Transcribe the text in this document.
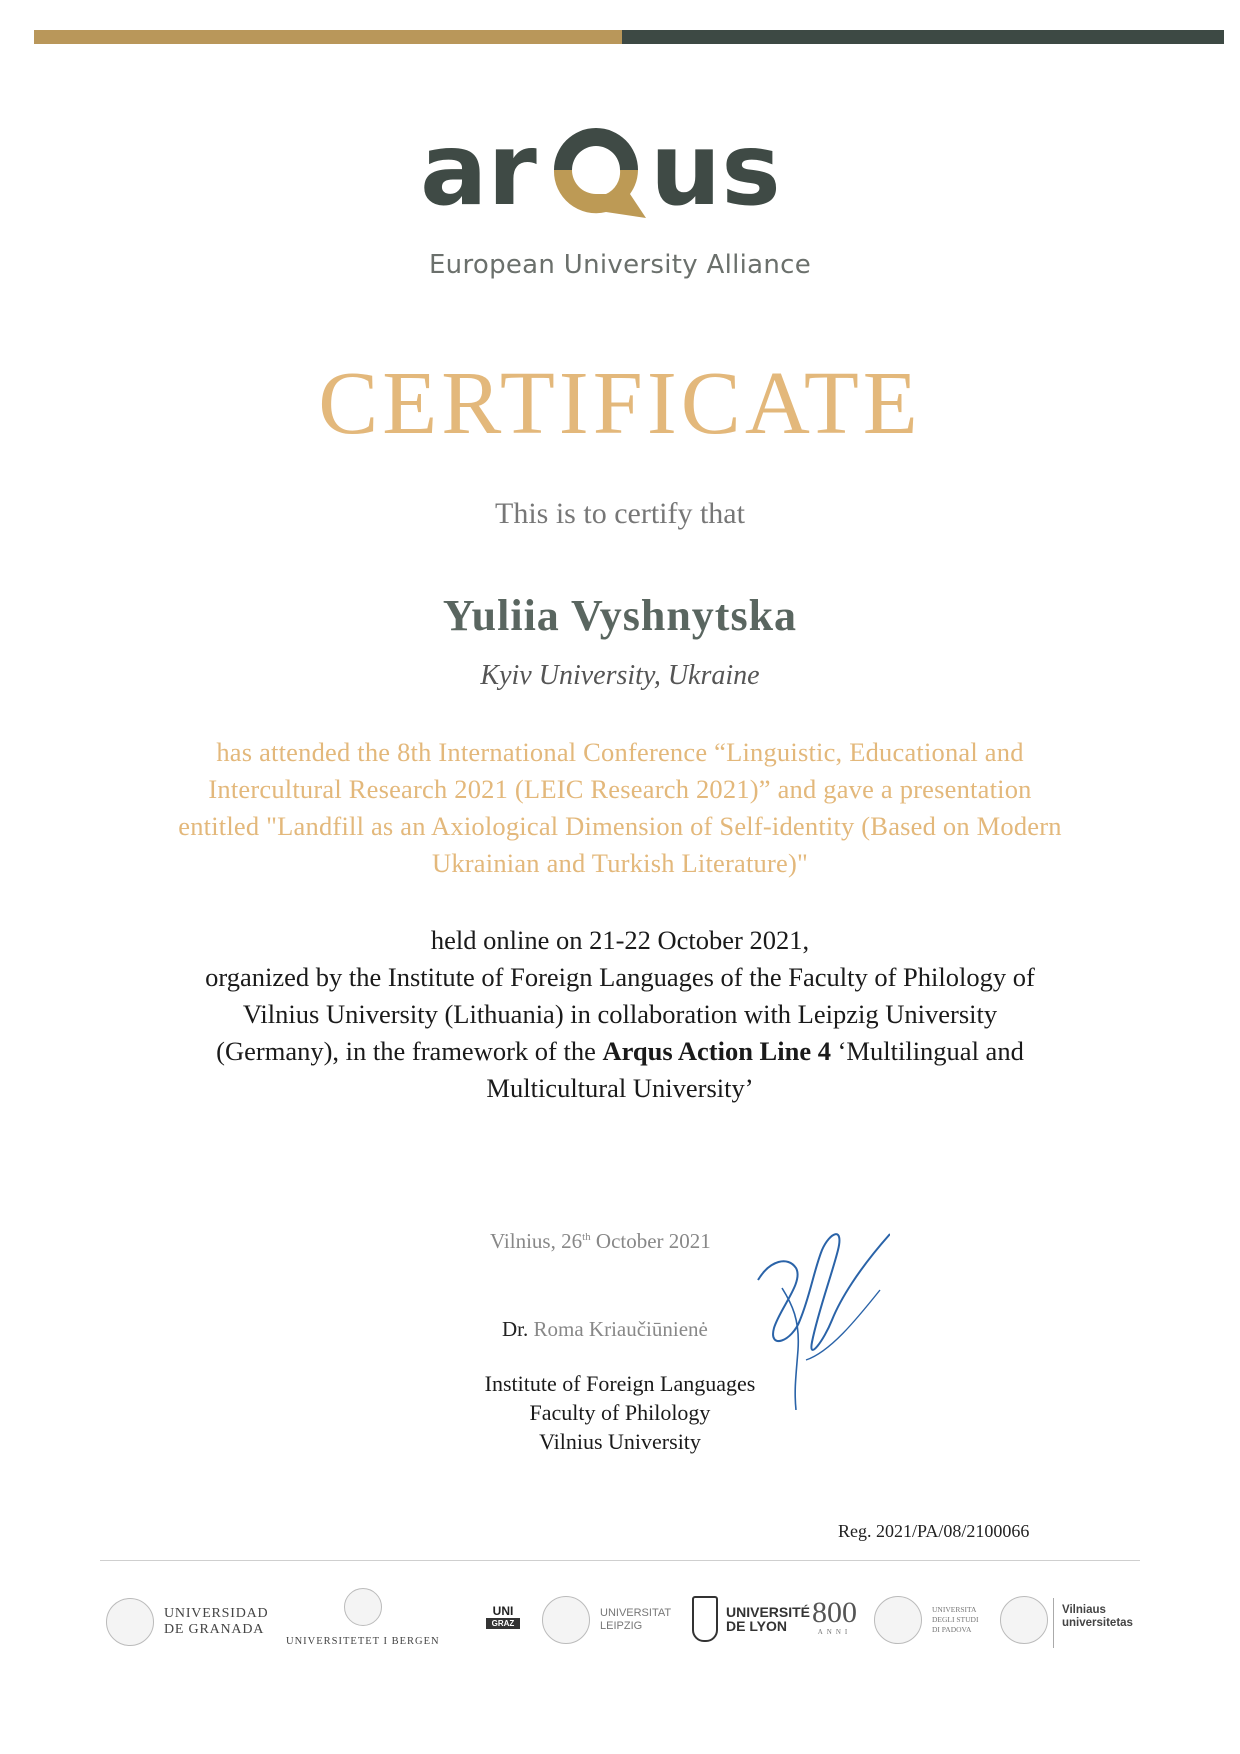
ar	Q us
European University Alliance
CERTIFICATE
This is to certify that
Yuliia Vyshnytska
Kyiv University, Ukraine
has attended the 8th International Conference “Linguistic, Educational and Intercultural Research 2021 (LEIC Research 2021)” and gave a presentation entitled "Landfill as an Axiological Dimension of Self-identity (Based on Modern Ukrainian and Turkish Literature)"
held online on 21-22 October 2021,
organized by the Institute of Foreign Languages of the Faculty of Philology of
Vilnius University (Lithuania) in collaboration with Leipzig University
(Germany), in the framework of the Arqus Action Line 4 ‘Multilingual and
Multicultural University’
Vilnius, 26th October 2021
Dr. Roma Kriaučiūnienė
Institute of Foreign Languages
Faculty of Philology
Vilnius University
Reg. 2021/PA/08/2100066
UNIVERSIDAD
DE GRANADA
UNIVERSITETET I BERGEN
UNI
GRAZ
UNIVERSITAT
LEIPZIG
UNIVERSITÉ
DE LYON 800
ANNI
UNIVERSITA
DEGLI STUDI
DI PADOVA
Vilniaus
universitetas
